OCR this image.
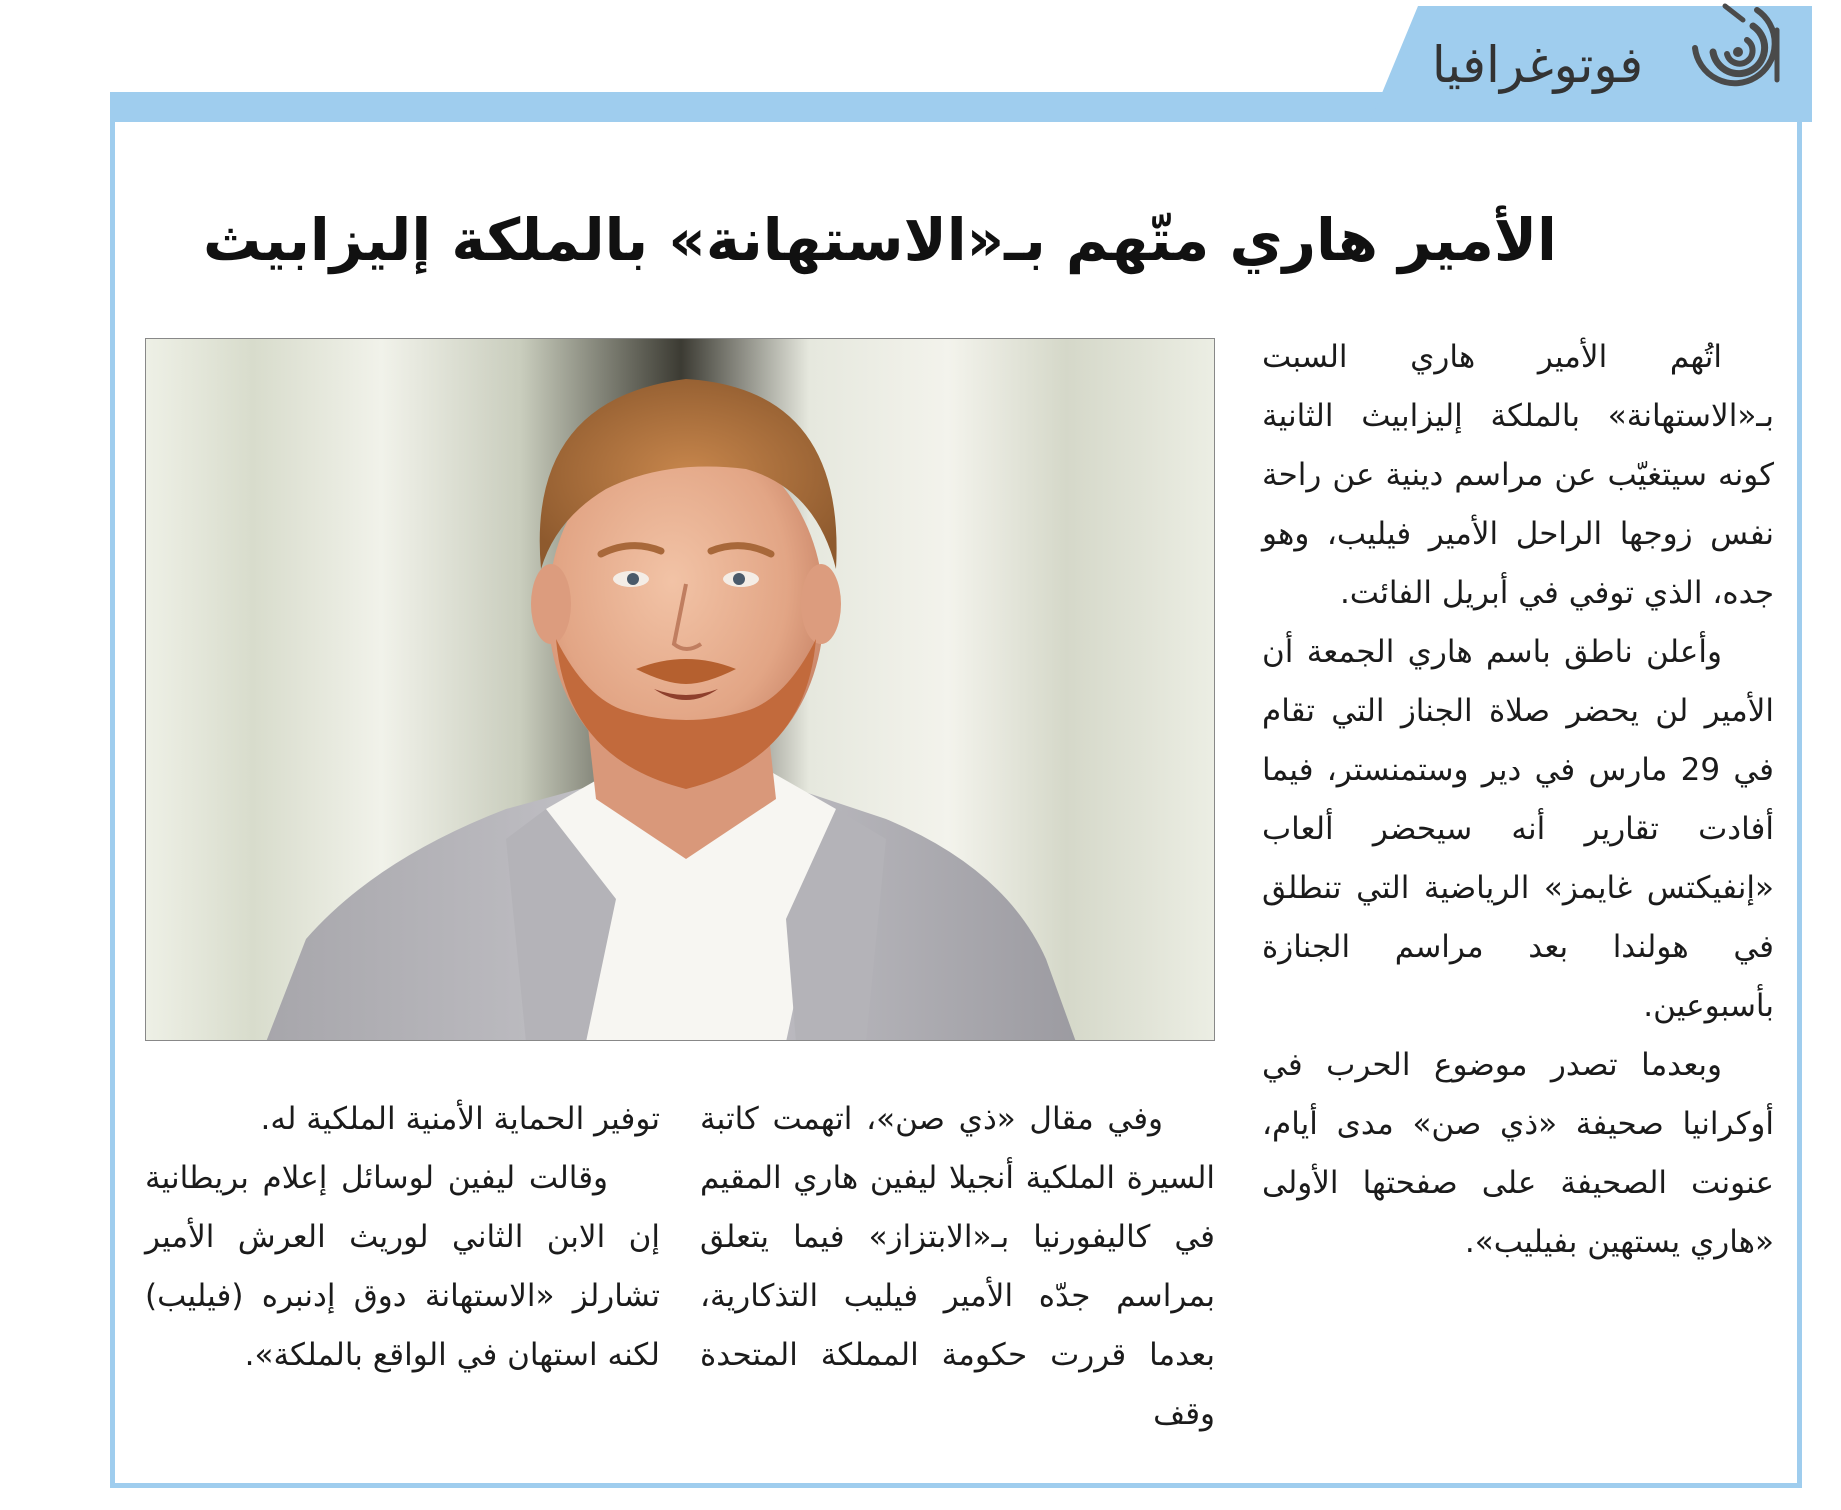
فوتوغرافيا
الأمير هاري متّهم بـ«الاستهانة» بالملكة إليزابيث

اتُهم الأمير هاري السبت بـ«الاستهانة» بالملكة إليزابيث الثانية كونه سيتغيّب عن مراسم دينية عن راحة نفس زوجها الراحل الأمير فيليب، وهو جده، الذي توفي في أبريل الفائت.

وأعلن ناطق باسم هاري الجمعة أن الأمير لن يحضر صلاة الجناز التي تقام في 29 مارس في دير وستمنستر، فيما أفادت تقارير أنه سيحضر ألعاب «إنفيكتس غايمز» الرياضية التي تنطلق في هولندا بعد مراسم الجنازة بأسبوعين.

وبعدما تصدر موضوع الحرب في أوكرانيا صحيفة «ذي صن» مدى أيام، عنونت الصحيفة على صفحتها الأولى «هاري يستهين بفيليب».

وفي مقال «ذي صن»، اتهمت كاتبة السيرة الملكية أنجيلا ليفين هاري المقيم في كاليفورنيا بـ«الابتزاز» فيما يتعلق بمراسم جدّه الأمير فيليب التذكارية، بعدما قررت حكومة المملكة المتحدة وقف

توفير الحماية الأمنية الملكية له.

وقالت ليفين لوسائل إعلام بريطانية إن الابن الثاني لوريث العرش الأمير تشارلز «الاستهانة دوق إدنبره (فيليب) لكنه استهان في الواقع بالملكة».
